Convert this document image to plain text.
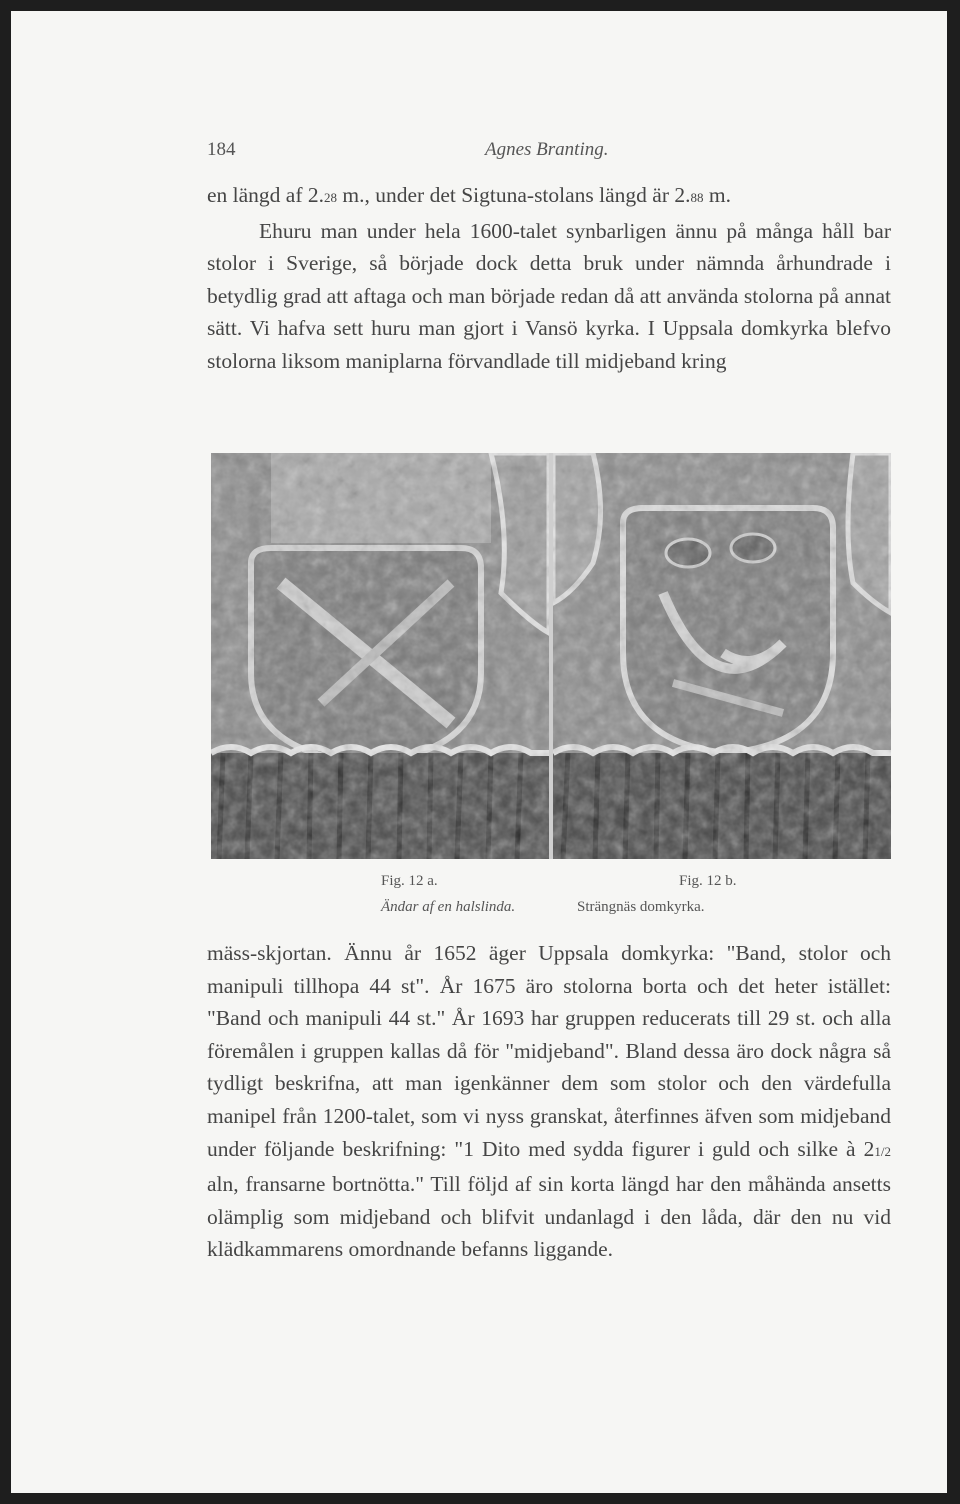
184	Agnes Branting.

en längd af 2.28 m., under det Sigtuna-stolans längd är 2.88 m.

Ehuru man under hela 1600-talet synbarligen ännu på många håll bar stolor i Sverige, så började dock detta bruk under nämnda århundrade i betydlig grad att aftaga och man började redan då att använda stolorna på annat sätt. Vi hafva sett huru man gjort i Vansö kyrka. I Uppsala domkyrka blefvo stolorna liksom maniplarna förvandlade till midjeband kring

Fig. 12 a.	Fig. 12 b.
Ändar af en halslinda.	Strängnäs domkyrka.

mäss-skjortan. Ännu år 1652 äger Uppsala domkyrka: "Band, stolor och manipuli tillhopa 44 st". År 1675 äro stolorna borta och det heter istället: "Band och manipuli 44 st." År 1693 har gruppen reducerats till 29 st. och alla föremålen i gruppen kallas då för "midjeband". Bland dessa äro dock några så tydligt beskrifna, att man igenkänner dem som stolor och den värdefulla manipel från 1200-talet, som vi nyss granskat, återfinnes äfven som midjeband under följande beskrifning: "1 Dito med sydda figurer i guld och silke à 21/2 aln, fransarne bortnötta." Till följd af sin korta längd har den måhända ansetts olämplig som midjeband och blifvit undanlagd i den låda, där den nu vid klädkammarens omordnande befanns liggande.
